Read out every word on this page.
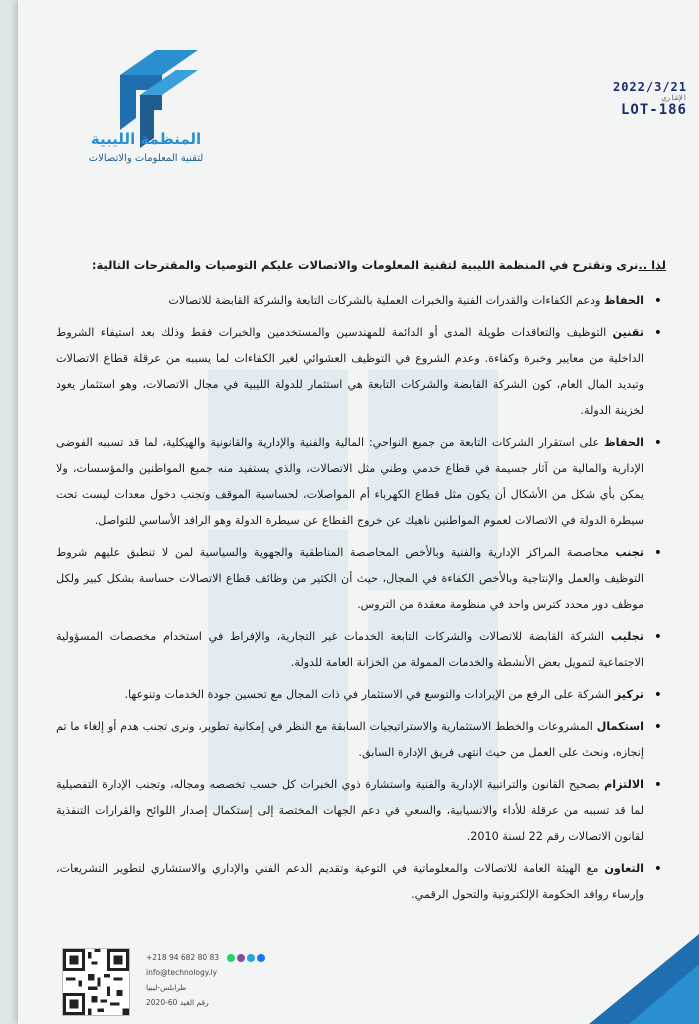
المنظمة الليبية
لتقنية المعلومات والاتصالات
2022/3/21
الإشاري
LOT-186

لذا ..نرى ونقترح في المنظمة الليبية لتقنية المعلومات والاتصالات عليكم التوصيات والمقترحات التالية:

• الحفاظ ودعم الكفاءات والقدرات الفنية والخبرات العملية بالشركات التابعة والشركة القابضة للاتصالات
• تقنين التوظيف والتعاقدات طويلة المدى أو الدائمة للمهندسين والمستخدمين والخبرات فقط وذلك بعد استيفاء الشروط الداخلية من معايير وخبرة وكفاءة. وعدم الشروع في التوظيف العشوائي لغير الكفاءات لما يسببه من عرقلة قطاع الاتصالات وتبديد المال العام، كون الشركة القابضة والشركات التابعة هي استثمار للدولة الليبية في مجال الاتصالات، وهو استثمار يعود لخزينة الدولة.
• الحفاظ على استقرار الشركات التابعة من جميع النواحي: المالية والفنية والإدارية والقانونية والهيكلية، لما قد تسببه الفوضى الإدارية والمالية من آثار جسيمة في قطاع خدمي وطني مثل الاتصالات، والذي يستفيد منه جميع المواطنين والمؤسسات، ولا يمكن بأي شكل من الأشكال أن يكون مثل قطاع الكهرباء أم المواصلات، لحساسية الموقف وتجنب دخول معدات ليست تحت سيطرة الدولة في الاتصالات لعموم المواطنين ناهيك عن خروج القطاع عن سيطرة الدولة وهو الرافد الأساسي للتواصل.
• تجنب محاصصة المراكز الإدارية والفنية وبالأخص المحاصصة المناطقية والجهوية والسياسية لمن لا تنطبق عليهم شروط التوظيف والعمل والإنتاجية وبالأخص الكفاءة في المجال، حيث أن الكثير من وظائف قطاع الاتصالات حساسة بشكل كبير ولكل موظف دور محدد كترس واحد في منظومة معقدة من التروس.
• تجليب الشركة القابضة للاتصالات والشركات التابعة الخدمات غير التجارية، والإفراط في استخدام مخصصات المسؤولية الاجتماعية لتمويل بعض الأنشطة والخدمات الممولة من الخزانة العامة للدولة.
• تركيز الشركة على الرفع من الإيرادات والتوسع في الاستثمار في ذات المجال مع تحسين جودة الخدمات وتنوعها.
• استكمال المشروعات والخطط الاستثمارية والاستراتيجيات السابقة مع النظر في إمكانية تطوير، ونرى تجنب هدم أو إلغاء ما تم إنجازه، ونحث على العمل من حيث انتهى فريق الإدارة السابق.
• الالتزام بصحيح القانون والتراتبية الإدارية والفنية واستشارة ذوي الخبرات كل حسب تخصصه ومجاله، وتجنب الإدارة التفصيلية لما قد تسببه من عرقلة للأداء والانسيابية، والسعي في دعم الجهات المختصة إلى إستكمال إصدار اللوائح والقرارات التنفذية لقانون الاتصالات رقم 22 لسنة 2010.
• التعاون مع الهيئة العامة للاتصالات والمعلوماتية في التوعية وتقديم الدعم الفني والإداري والاستشاري لتطوير التشريعات، وإرساء روافد الحكومة الإلكترونية والتحول الرقمي.
+218 94 682 80 83
info@technology.ly
طرابلس-ليبيا
رقم القيد 60-2020
